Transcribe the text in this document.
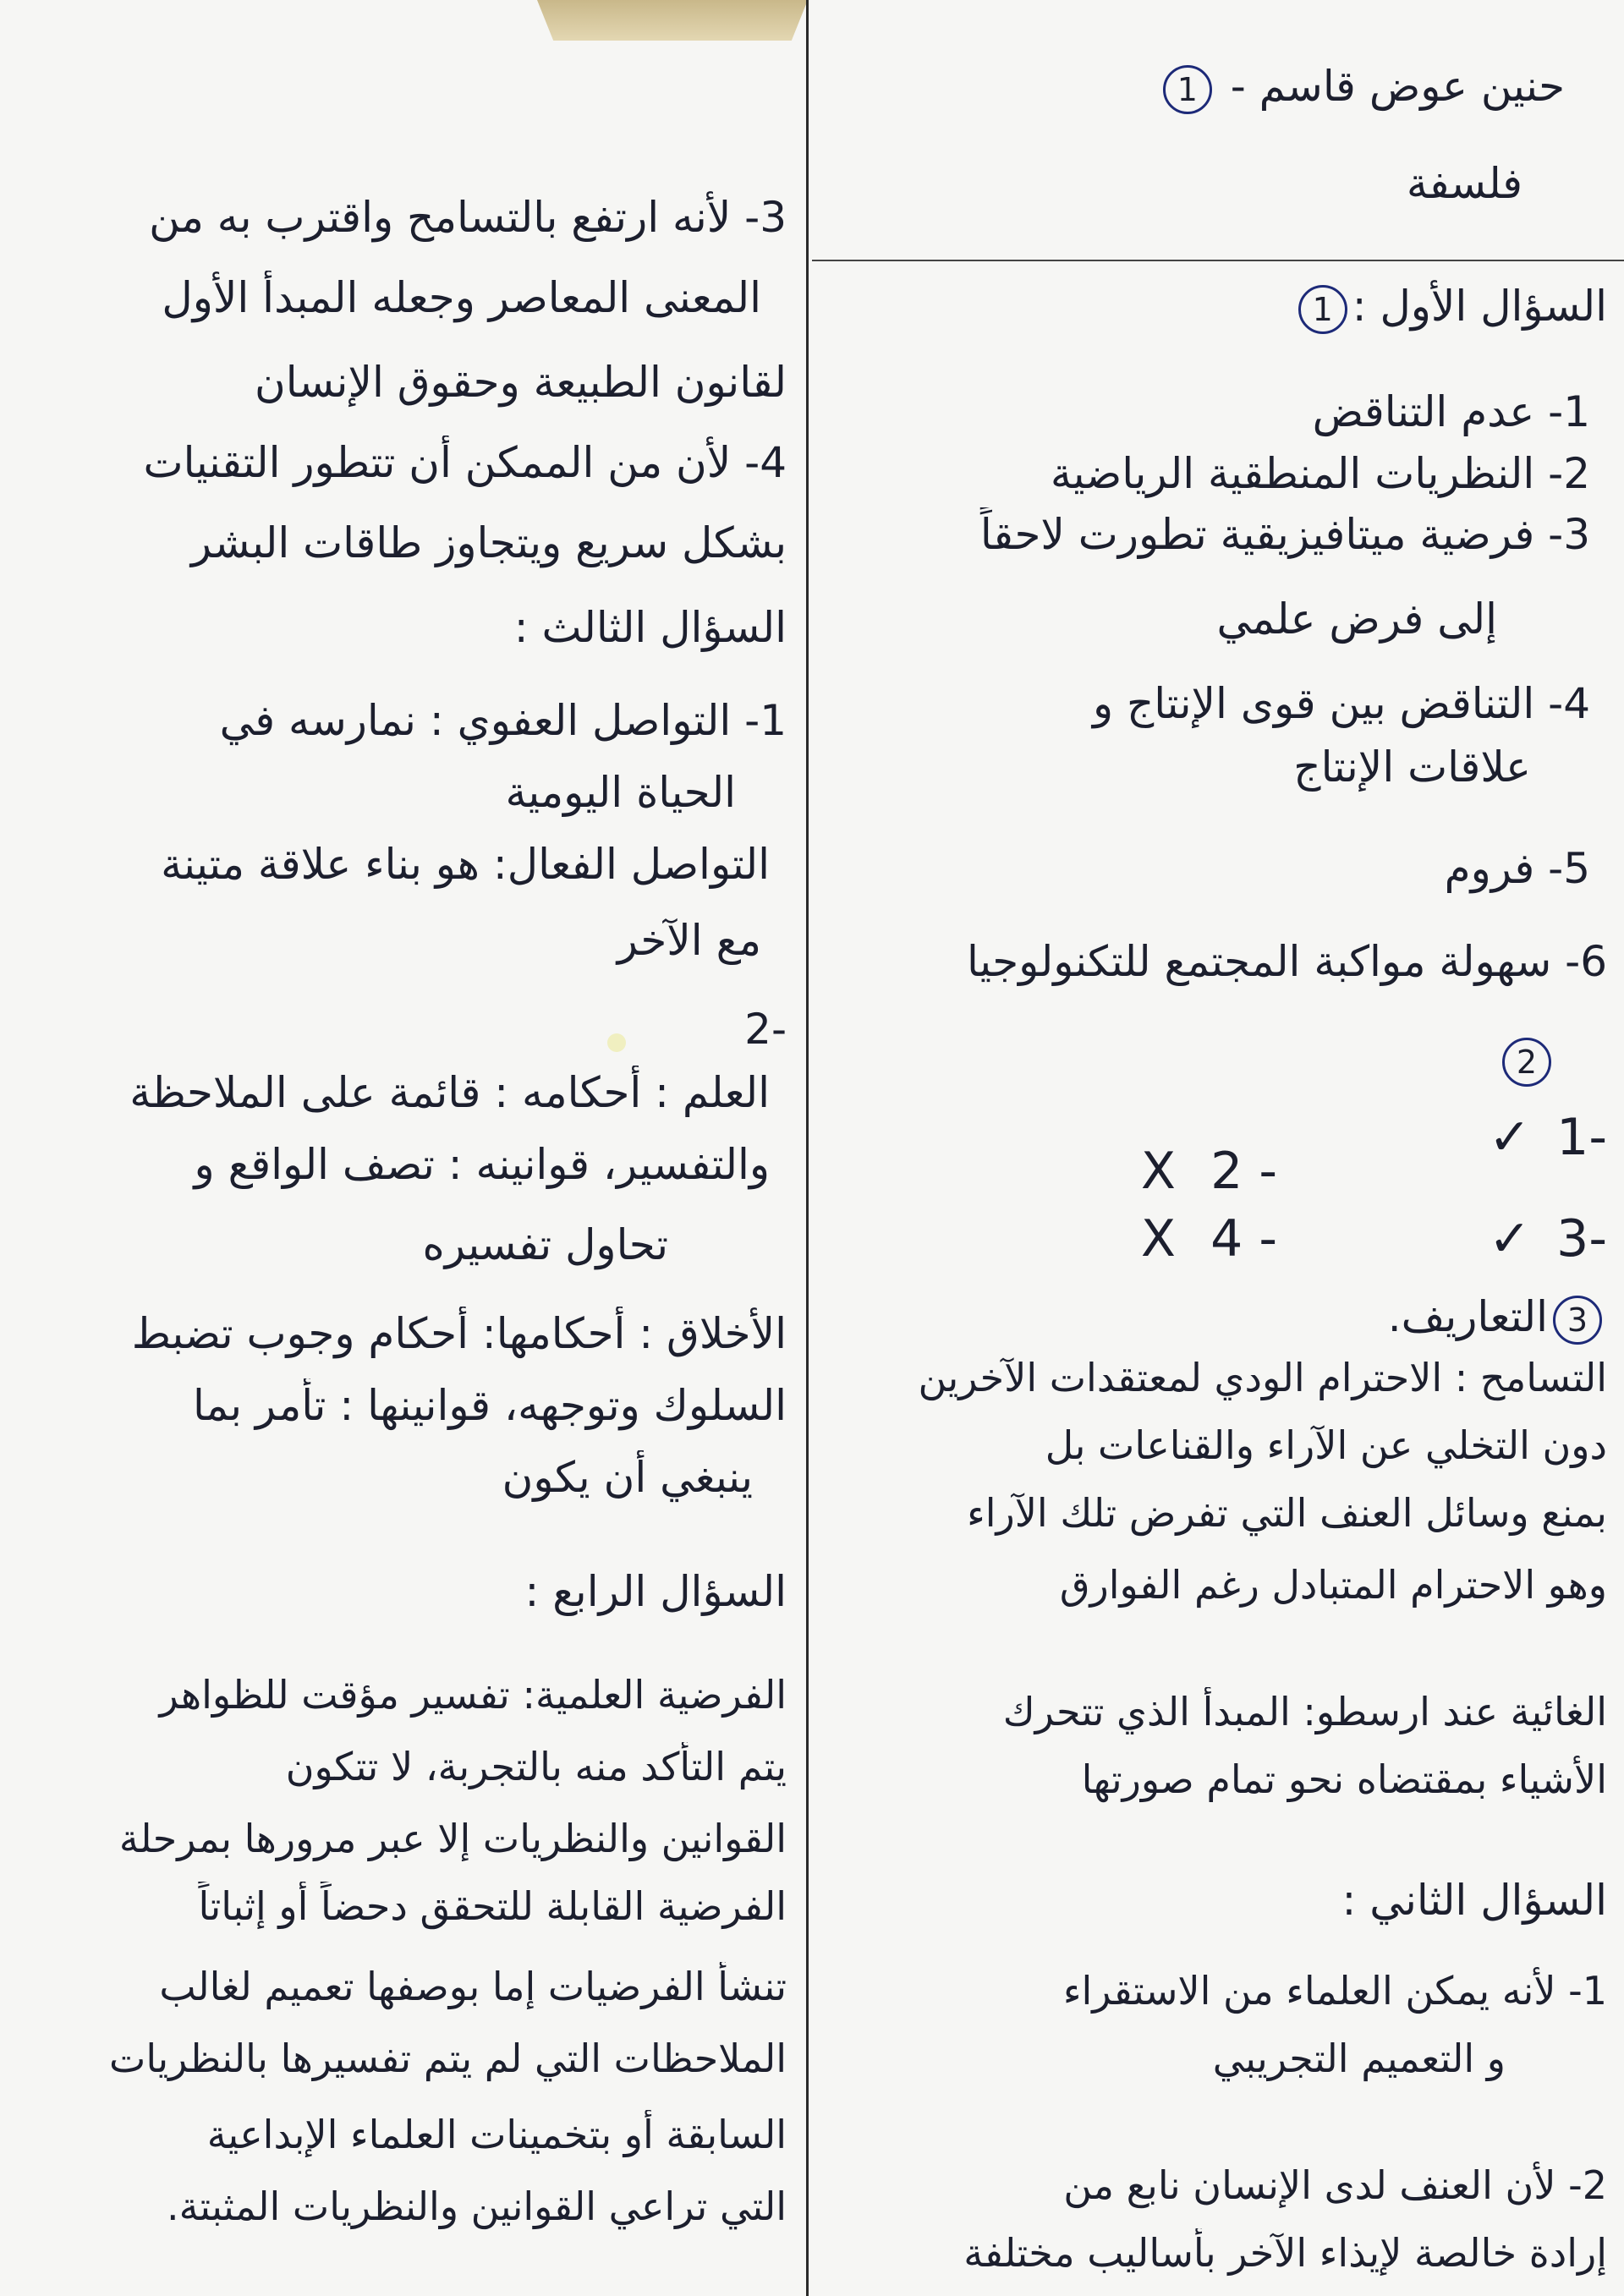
حنين عوض قاسم - 1
فلسفة
السؤال الأول :1
1- عدم التناقض
2- النظريات المنطقية الرياضية
3- فرضية ميتافيزيقية تطورت لاحقاً
إلى فرض علمي
4- التناقض بين قوى الإنتاج و
علاقات الإنتاج
5- فروم
6- سهولة مواكبة المجتمع للتكنولوجيا
2
3التعاريف.
التسامح : الاحترام الودي لمعتقدات الآخرين
دون التخلي عن الآراء والقناعات بل
بمنع وسائل العنف التي تفرض تلك الآراء
وهو الاحترام المتبادل رغم الفوارق
الغائية عند ارسطو: المبدأ الذي تتحرك
الأشياء بمقتضاه نحو تمام صورتها
السؤال الثاني :
1- لأنه يمكن العلماء من الاستقراء
و التعميم التجريبي
2- لأن العنف لدى الإنسان نابع من
إرادة خالصة لإيذاء الآخر بأساليب مختلفة
1-
✓
2 -
X
3-
✓
4 -
X
3- لأنه ارتفع بالتسامح واقترب به من
المعنى المعاصر وجعله المبدأ الأول
لقانون الطبيعة وحقوق الإنسان
4- لأن من الممكن أن تتطور التقنيات
بشكل سريع ويتجاوز طاقات البشر
السؤال الثالث :
1- التواصل العفوي : نمارسه في
الحياة اليومية
التواصل الفعال: هو بناء علاقة متينة
مع الآخر
-2
العلم : أحكامه : قائمة على الملاحظة
والتفسير، قوانينه : تصف الواقع و
تحاول تفسيره
الأخلاق : أحكامها: أحكام وجوب تضبط
السلوك وتوجهه، قوانينها : تأمر بما
ينبغي أن يكون
السؤال الرابع :
الفرضية العلمية: تفسير مؤقت للظواهر
يتم التأكد منه بالتجربة، لا تتكون
القوانين والنظريات إلا عبر مرورها بمرحلة
الفرضية القابلة للتحقق دحضاً أو إثباتاً
تنشأ الفرضيات إما بوصفها تعميم لغالب
الملاحظات التي لم يتم تفسيرها بالنظريات
السابقة أو بتخمينات العلماء الإبداعية
التي تراعي القوانين والنظريات المثبتة.
